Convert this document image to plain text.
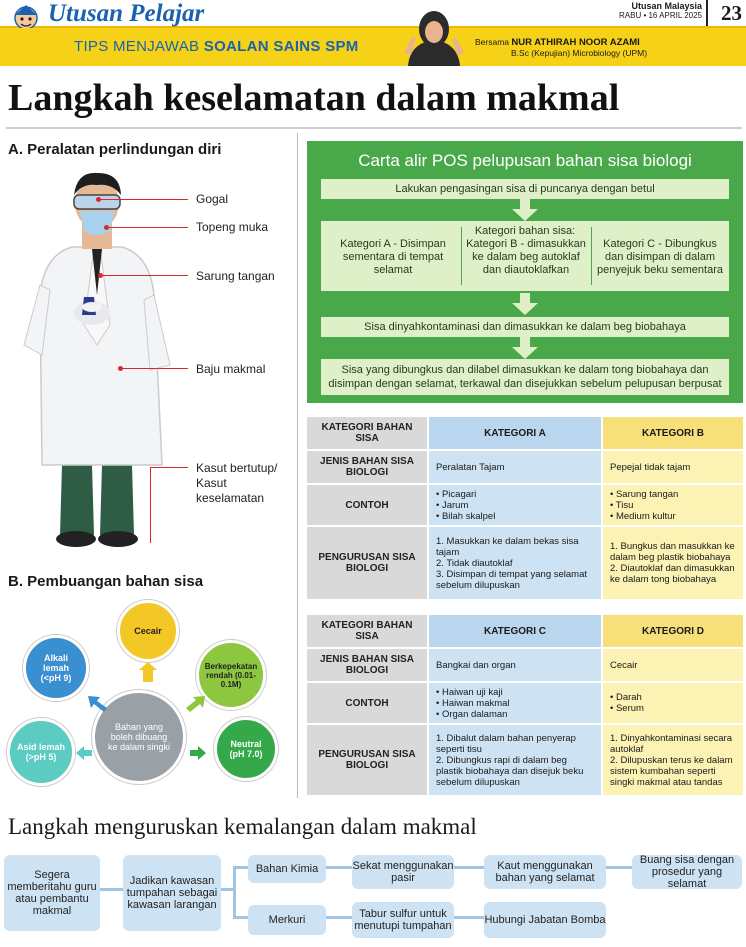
Utusan Pelajar	Utusan Malaysia
RABU • 16 APRIL 2025 23
TIPS MENJAWAB SOALAN SAINS SPM	Bersama NUR ATHIRAH NOOR AZAMI
B.Sc (Kepujian) Microbiology (UPM)
Langkah keselamatan dalam makmal
A. Peralatan perlindungan diri
Gogal
Topeng muka
Sarung tangan
Baju makmal
Kasut bertutup/
Kasut
keselamatan
B. Pembuangan bahan sisa
Bahan yang boleh dibuang ke dalam singki
Cecair
Alkali lemah (<pH 9)
Berkepekatan rendah (0.01-0.1M)
Asid lemah (>pH 5)
Neutral (pH 7.0)
Carta alir POS pelupusan bahan sisa biologi
Lakukan pengasingan sisa di puncanya dengan betul
Kategori bahan sisa:
Kategori A - Disimpan sementara di tempat selamat
Kategori B - dimasukkan ke dalam beg autoklaf dan diautoklafkan
Kategori C - Dibungkus dan disimpan di dalam penyejuk beku sementara
Sisa dinyahkontaminasi dan dimasukkan ke dalam beg biobahaya
Sisa yang dibungkus dan dilabel dimasukkan ke dalam tong biobahaya dan disimpan dengan selamat, terkawal dan disejukkan sebelum pelupusan berpusat
KATEGORI BAHAN SISA	KATEGORI A	KATEGORI B
JENIS BAHAN SISA BIOLOGI	Peralatan Tajam	Pepejal tidak tajam
CONTOH	• Picagari
• Jarum
• Bilah skalpel	• Sarung tangan
• Tisu
• Medium kultur

PENGURUSAN SISA BIOLOGI	1. Masukkan ke dalam bekas sisa tajam
2. Tidak diautoklaf
3. Disimpan di tempat yang selamat sebelum dilupuskan	1. Bungkus dan masukkan ke dalam beg plastik biobahaya
2. Diautoklaf dan dimasukkan ke dalam tong biobahaya
KATEGORI BAHAN SISA	KATEGORI C	KATEGORI D
JENIS BAHAN SISA BIOLOGI	Bangkai dan organ	Cecair
CONTOH	• Haiwan uji kaji
• Haiwan makmal
• Organ dalaman	• Darah
• Serum

PENGURUSAN SISA BIOLOGI	1. Dibalut dalam bahan penyerap seperti tisu
2. Dibungkus rapi di dalam beg plastik biobahaya dan disejuk beku sebelum dilupuskan	1. Dinyahkontaminasi secara autoklaf
2. Dilupuskan terus ke dalam sistem kumbahan seperti singki makmal atau tandas
Langkah menguruskan kemalangan dalam makmal
Segera memberitahu guru atau pembantu makmal
Jadikan kawasan tumpahan sebagai kawasan larangan
Bahan Kimia	Sekat menggunakan pasir
Kaut menggunakan bahan yang selamat
Buang sisa dengan prosedur yang selamat
Merkuri	Tabur sulfur untuk menutupi tumpahan	Hubungi Jabatan Bomba
